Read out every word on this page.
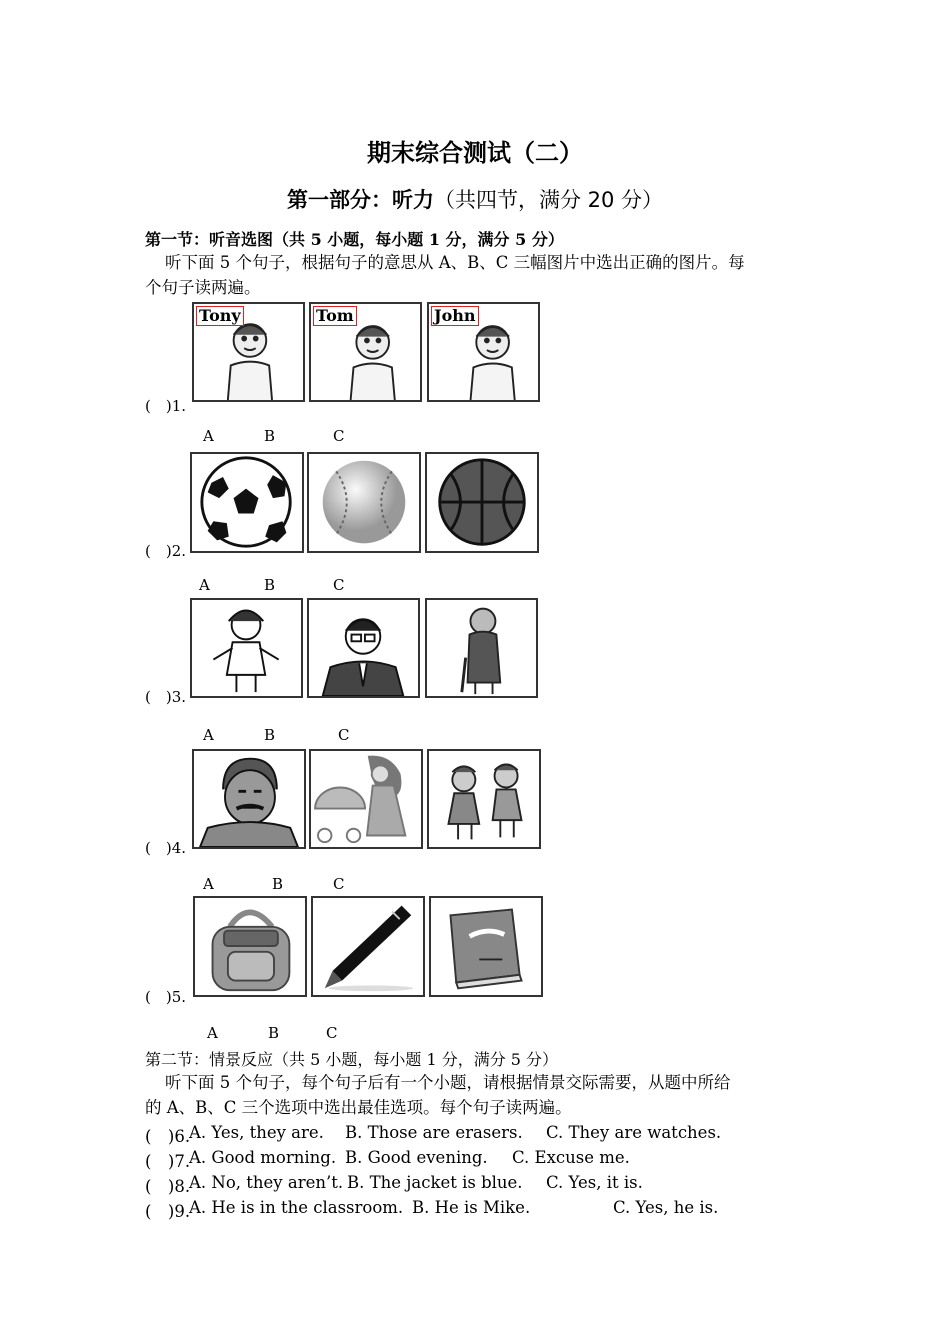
期末综合测试（二）
第一部分：听力（共四节，满分 20 分）
第一节：听音选图（共 5 小题，每小题 1 分，满分 5 分）
听下面 5 个句子，根据句子的意思从 A、B、C 三幅图片中选出正确的图片。每
个句子读两遍。
(　)1.
Tony	Tom	John
A	B	C
(　)2.
A	B	C
(　)3.
A	B	C
(　)4.
A	B	C
(　)5.
A	B	C
第二节：情景反应（共 5 小题，每小题 1 分，满分 5 分）
听下面 5 个句子，每个句子后有一个小题，请根据情景交际需要，从题中所给
的 A、B、C 三个选项中选出最佳选项。每个句子读两遍。
(　)6.
A. Yes, they are. B. Those are erasers. C. They are watches.
(　)7.
A. Good morning. B. Good evening. C. Excuse me.
(　)8.
A. No, they aren’t. B. The jacket is blue. C. Yes, it is.
(　)9.
A. He is in the classroom. B. He is Mike.	C. Yes, he is.
